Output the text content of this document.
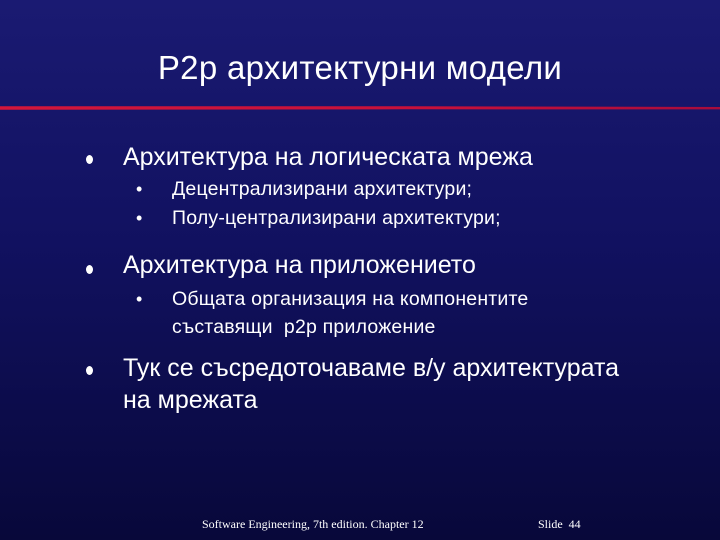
P2p архитектурни модели
Архитектура на логическата мрежа
• Децентрализирани архитектури;
• Полу-централизирани архитектури;
Архитектура на приложението
• Общата организация на компонентите
съставящи  p2p приложение
Тук се съсредоточаваме в/у архитектурата
на мрежата
Software Engineering, 7th edition. Chapter 12	Slide  44
